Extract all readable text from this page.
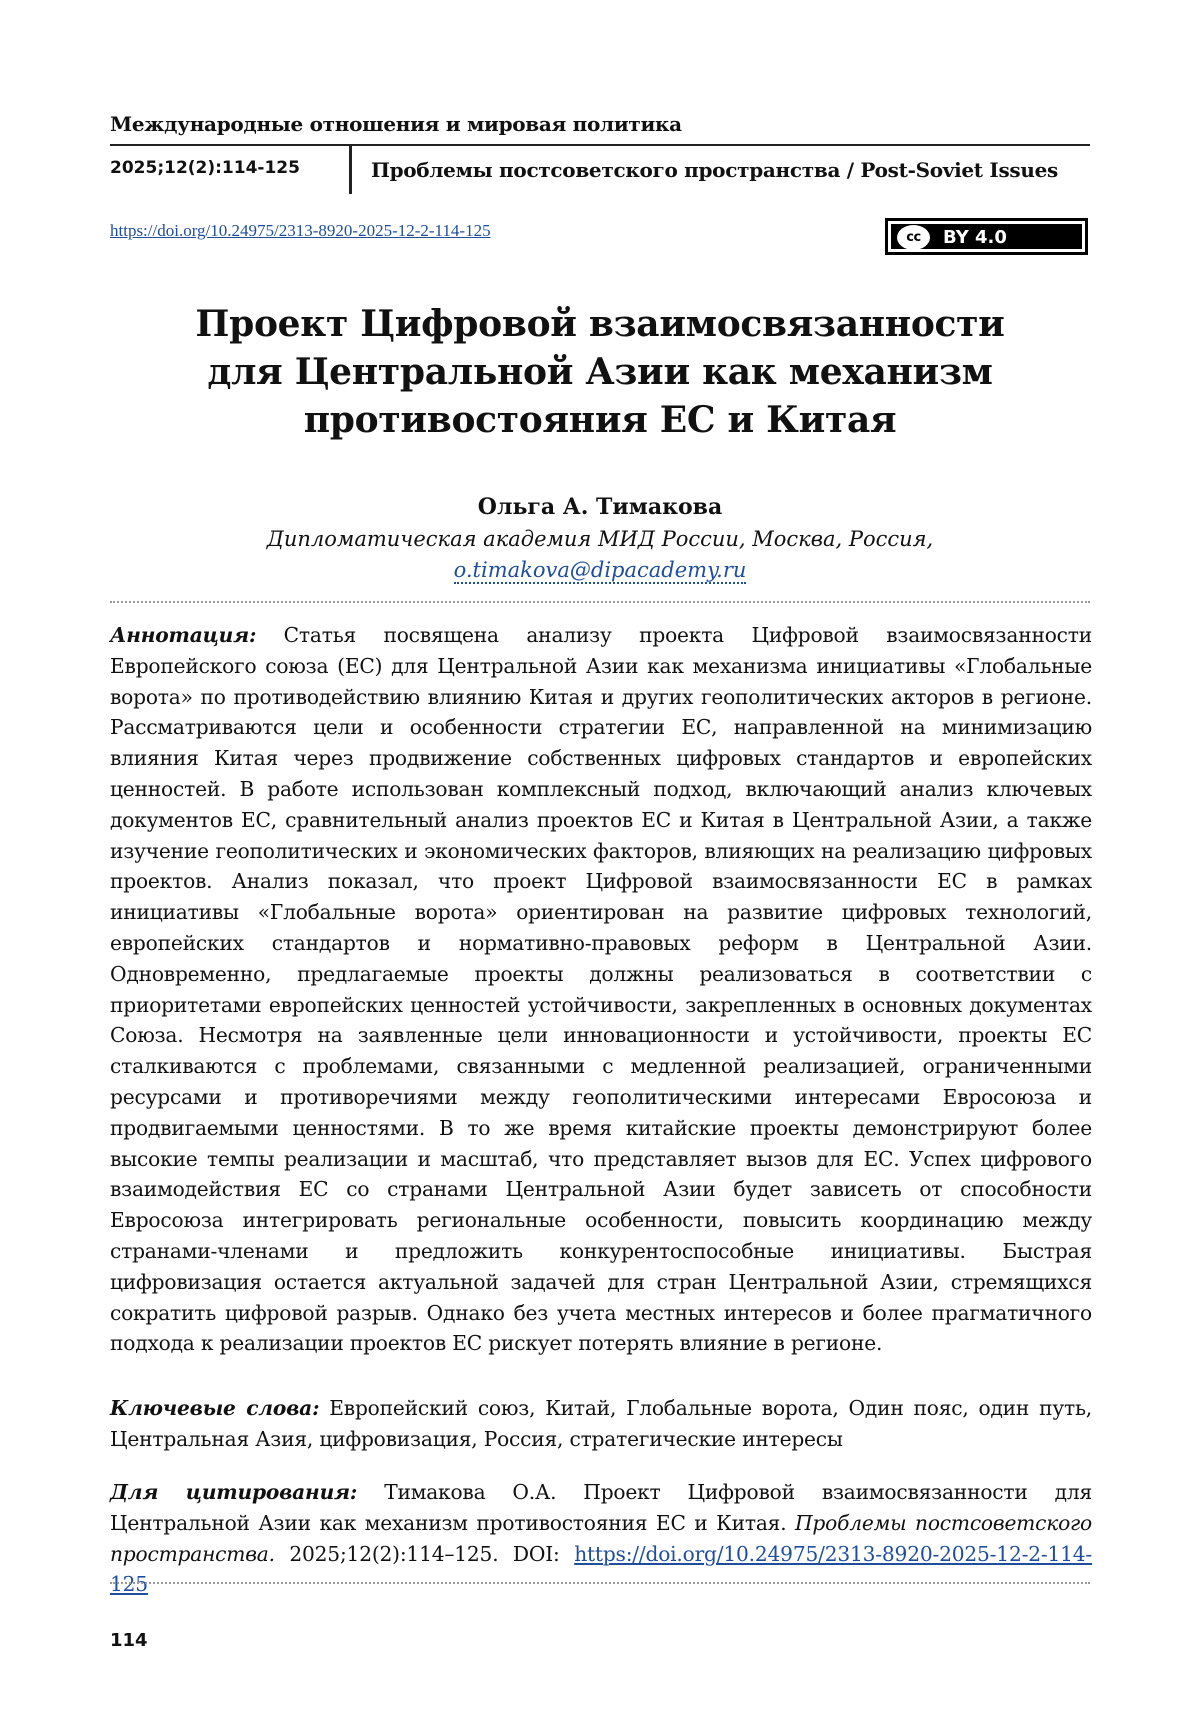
Международные отношения и мировая политика
2025;12(2):114-125	Проблемы постсоветского пространства / Post-Soviet Issues
https://doi.org/10.24975/2313-8920-2025-12-2-114-125	cc	BY 4.0
Проект Цифровой взаимосвязанности
для Центральной Азии как механизм
противостояния ЕС и Китая
Ольга А. Тимакова
Дипломатическая академия МИД России, Москва, Россия,
o.timakova@dipacademy.ru
Аннотация: Статья посвящена анализу проекта Цифровой взаимосвязанности Европейского союза (ЕС) для Центральной Азии как механизма инициативы «Глобальные ворота» по противодействию влиянию Китая и других геополитических акторов в регионе. Рассматриваются цели и особенности стратегии ЕС, направленной на минимизацию влияния Китая через продвижение собственных цифровых стандартов и европейских ценностей. В работе использован комплексный подход, включающий анализ ключевых документов ЕС, сравнительный анализ проектов ЕС и Китая в Центральной Азии, а также изучение геополитических и экономических факторов, влияющих на реализацию цифровых проектов. Анализ показал, что проект Цифровой взаимосвязанности ЕС в рамках инициативы «Глобальные ворота» ориентирован на развитие цифровых технологий, европейских стандартов и нормативно-правовых реформ в Центральной Азии. Одновременно, предлагаемые проекты должны реализоваться в соответствии с приоритетами европейских ценностей устойчивости, закрепленных в основных документах Союза. Несмотря на заявленные цели инновационности и устойчивости, проекты ЕС сталкиваются с проблемами, связанными с медленной реализацией, ограниченными ресурсами и противоречиями между геополитическими интересами Евросоюза и продвигаемыми ценностями. В то же время китайские проекты демонстрируют более высокие темпы реализации и масштаб, что представляет вызов для ЕС. Успех цифрового взаимодействия ЕС со странами Центральной Азии будет зависеть от способности Евросоюза интегрировать региональные особенности, повысить координацию между странами-членами и предложить конкурентоспособные инициативы. Быстрая цифровизация остается актуальной задачей для стран Центральной Азии, стремящихся сократить цифровой разрыв. Однако без учета местных интересов и более прагматичного подхода к реализации проектов ЕС рискует потерять влияние в регионе.
Ключевые слова: Европейский союз, Китай, Глобальные ворота, Один пояс, один путь, Центральная Азия, цифровизация, Россия, стратегические интересы
Для цитирования: Тимакова О.А. Проект Цифровой взаимосвязанности для Центральной Азии как механизм противостояния ЕС и Китая. Проблемы постсоветского пространства. 2025;12(2):114–125. DOI: https://doi.org/10.24975/2313-8920-2025-12-2-114-125
114
